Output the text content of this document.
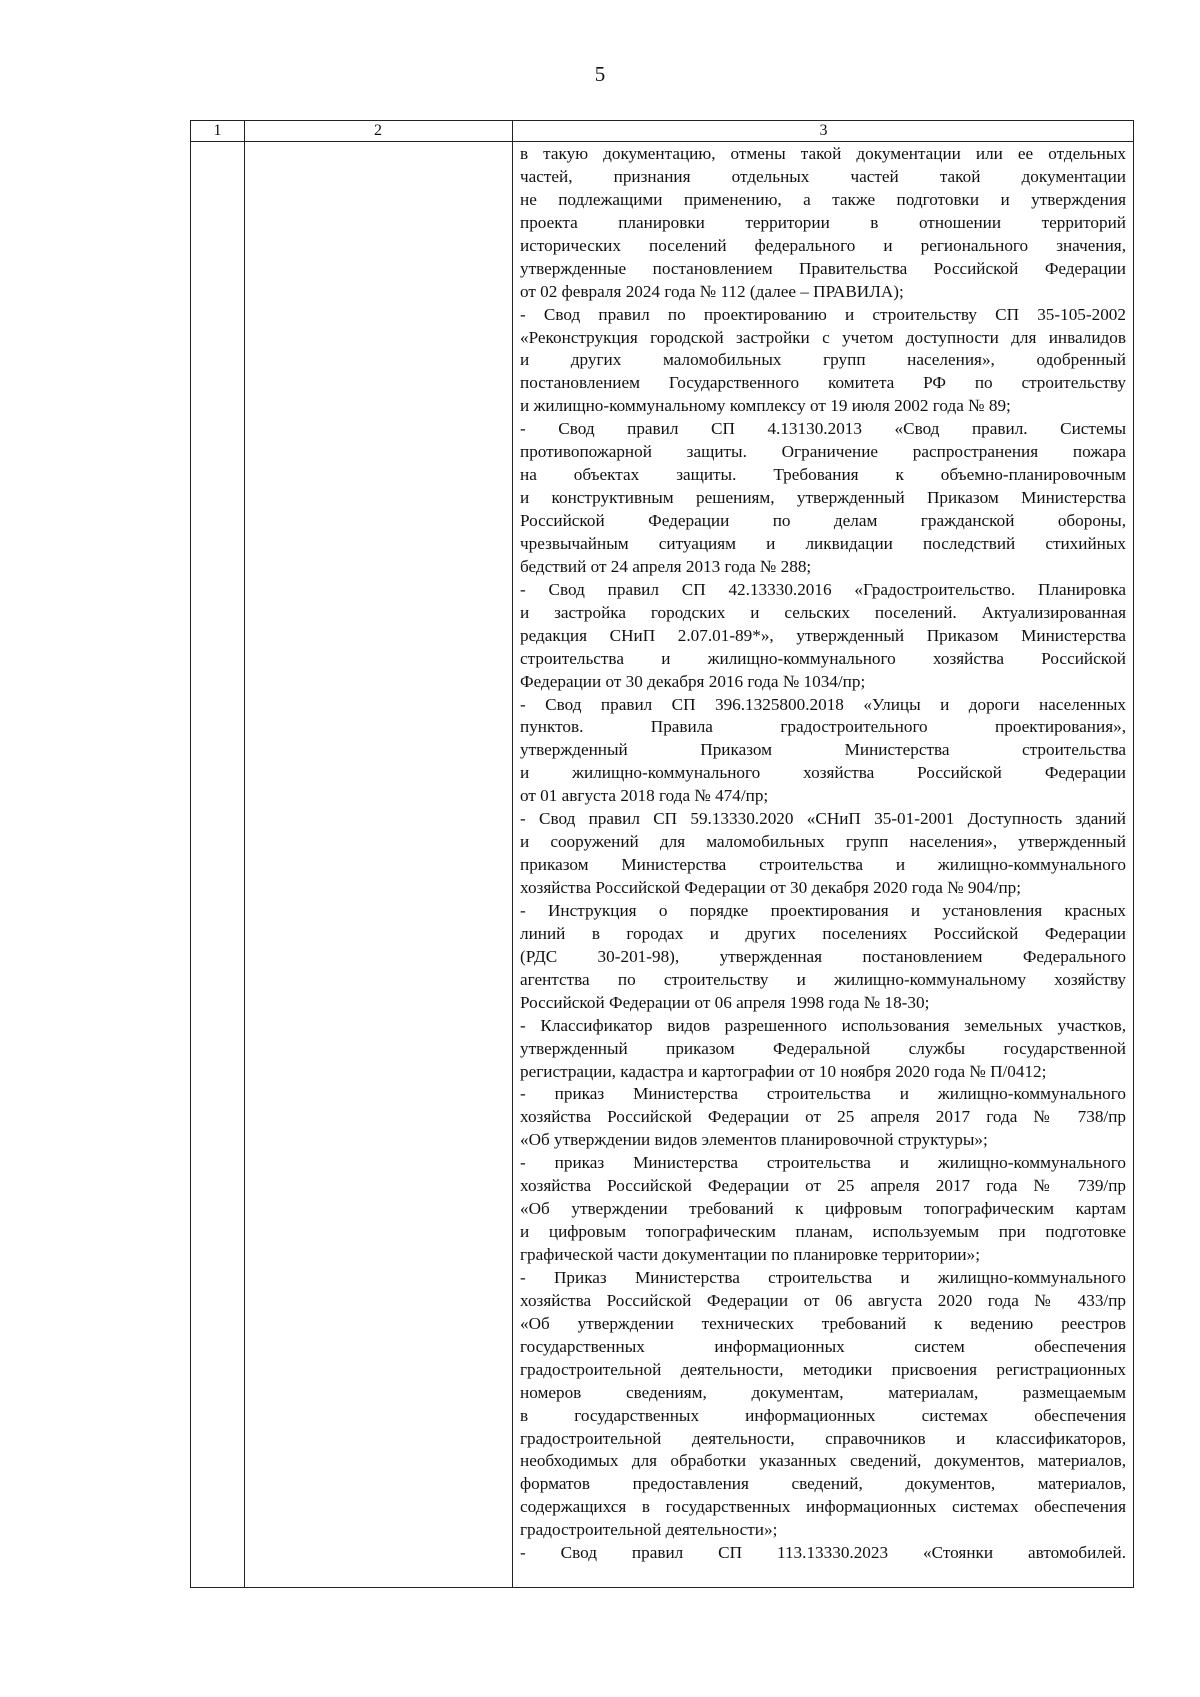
5
1	2	3
в такую документацию, отмены такой документации или ее отдельных
частей, признания отдельных частей такой документации
не подлежащими применению, а также подготовки и утверждения
проекта планировки территории в отношении территорий
исторических поселений федерального и регионального значения,
утвержденные постановлением Правительства Российской Федерации
от 02 февраля 2024 года № 112 (далее – ПРАВИЛА);
- Свод правил по проектированию и строительству СП 35-105-2002
«Реконструкция городской застройки с учетом доступности для инвалидов
и других маломобильных групп населения», одобренный
постановлением Государственного комитета РФ по строительству
и жилищно-коммунальному комплексу от 19 июля 2002 года № 89;
- Свод правил СП 4.13130.2013 «Свод правил. Системы
противопожарной защиты. Ограничение распространения пожара
на объектах защиты. Требования к объемно-планировочным
и конструктивным решениям, утвержденный Приказом Министерства
Российской Федерации по делам гражданской обороны,
чрезвычайным ситуациям и ликвидации последствий стихийных
бедствий от 24 апреля 2013 года № 288;
- Свод правил СП 42.13330.2016 «Градостроительство. Планировка
и застройка городских и сельских поселений. Актуализированная
редакция СНиП 2.07.01-89*», утвержденный Приказом Министерства
строительства и жилищно-коммунального хозяйства Российской
Федерации от 30 декабря 2016 года № 1034/пр;
- Свод правил СП 396.1325800.2018 «Улицы и дороги населенных
пунктов. Правила градостроительного проектирования»,
утвержденный Приказом Министерства строительства
и жилищно-коммунального хозяйства Российской Федерации
от 01 августа 2018 года № 474/пр;
- Свод правил СП 59.13330.2020 «СНиП 35-01-2001 Доступность зданий
и сооружений для маломобильных групп населения», утвержденный
приказом Министерства строительства и жилищно-коммунального
хозяйства Российской Федерации от 30 декабря 2020 года № 904/пр;
- Инструкция о порядке проектирования и установления красных
линий в городах и других поселениях Российской Федерации
(РДС 30-201-98), утвержденная постановлением Федерального
агентства по строительству и жилищно-коммунальному хозяйству
Российской Федерации от 06 апреля 1998 года № 18-30;
- Классификатор видов разрешенного использования земельных участков,
утвержденный приказом Федеральной службы государственной
регистрации, кадастра и картографии от 10 ноября 2020 года № П/0412;
- приказ Министерства строительства и жилищно-коммунального
хозяйства Российской Федерации от 25 апреля 2017 года № 738/пр
«Об утверждении видов элементов планировочной структуры»;
- приказ Министерства строительства и жилищно-коммунального
хозяйства Российской Федерации от 25 апреля 2017 года № 739/пр
«Об утверждении требований к цифровым топографическим картам
и цифровым топографическим планам, используемым при подготовке
графической части документации по планировке территории»;
- Приказ Министерства строительства и жилищно-коммунального
хозяйства Российской Федерации от 06 августа 2020 года № 433/пр
«Об утверждении технических требований к ведению реестров
государственных информационных систем обеспечения
градостроительной деятельности, методики присвоения регистрационных
номеров сведениям, документам, материалам, размещаемым
в государственных информационных системах обеспечения
градостроительной деятельности, справочников и классификаторов,
необходимых для обработки указанных сведений, документов, материалов,
форматов предоставления сведений, документов, материалов,
содержащихся в государственных информационных системах обеспечения
градостроительной деятельности»;
- Свод правил СП 113.13330.2023 «Стоянки автомобилей.
